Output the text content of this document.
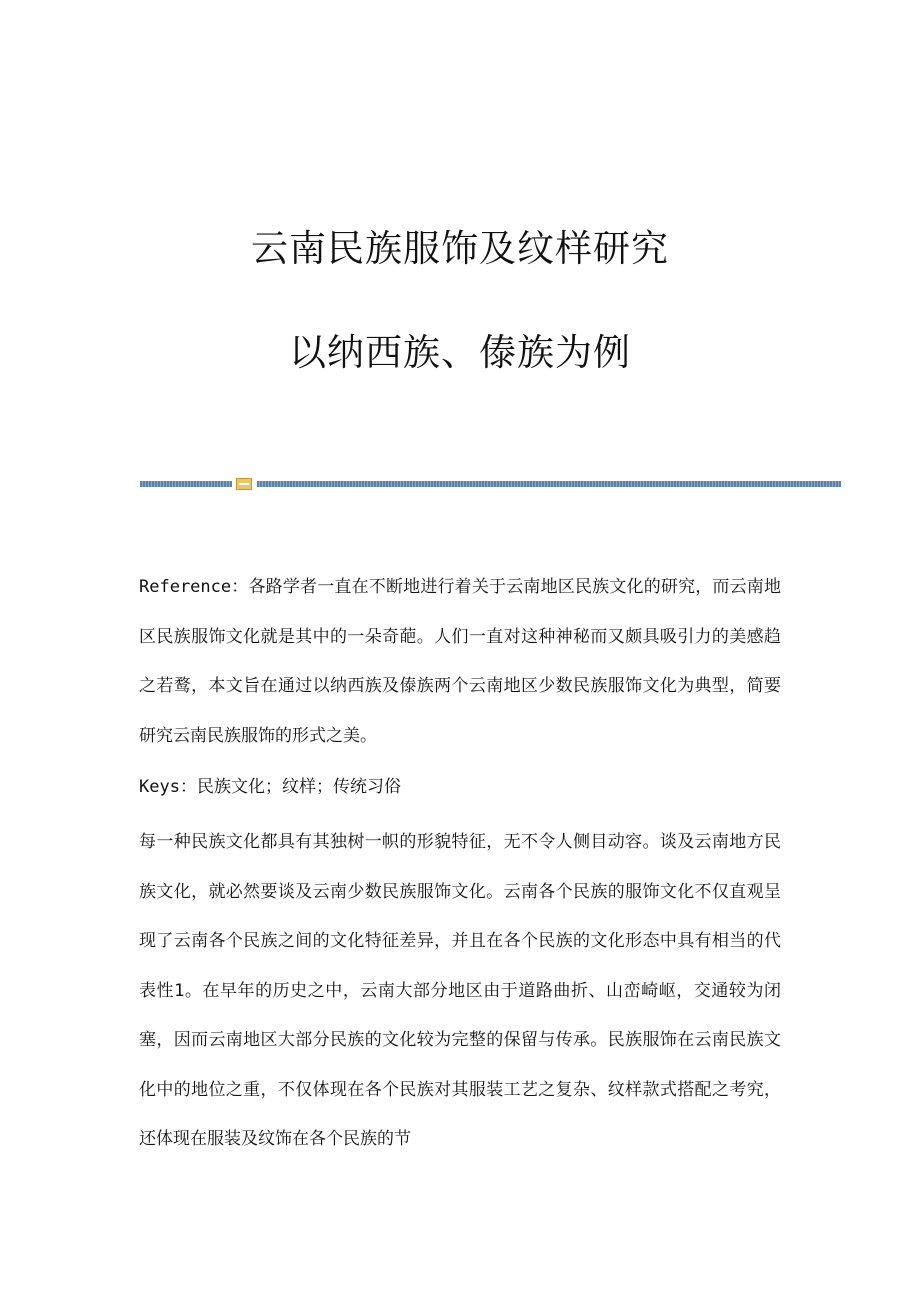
云南民族服饰及纹样研究
以纳西族、傣族为例

Reference：各路学者一直在不断地进行着关于云南地区民族文化的研究，而云南地区民族服饰文化就是其中的一朵奇葩。人们一直对这种神秘而又颇具吸引力的美感趋之若鹜，本文旨在通过以纳西族及傣族两个云南地区少数民族服饰文化为典型，简要研究云南民族服饰的形式之美。

Keys：民族文化；纹样；传统习俗

每一种民族文化都具有其独树一帜的形貌特征，无不令人侧目动容。谈及云南地方民族文化，就必然要谈及云南少数民族服饰文化。云南各个民族的服饰文化不仅直观呈现了云南各个民族之间的文化特征差异，并且在各个民族的文化形态中具有相当的代表性1。在早年的历史之中，云南大部分地区由于道路曲折、山峦崎岖，交通较为闭塞，因而云南地区大部分民族的文化较为完整的保留与传承。民族服饰在云南民族文化中的地位之重，不仅体现在各个民族对其服装工艺之复杂、纹样款式搭配之考究，还体现在服装及纹饰在各个民族的节
